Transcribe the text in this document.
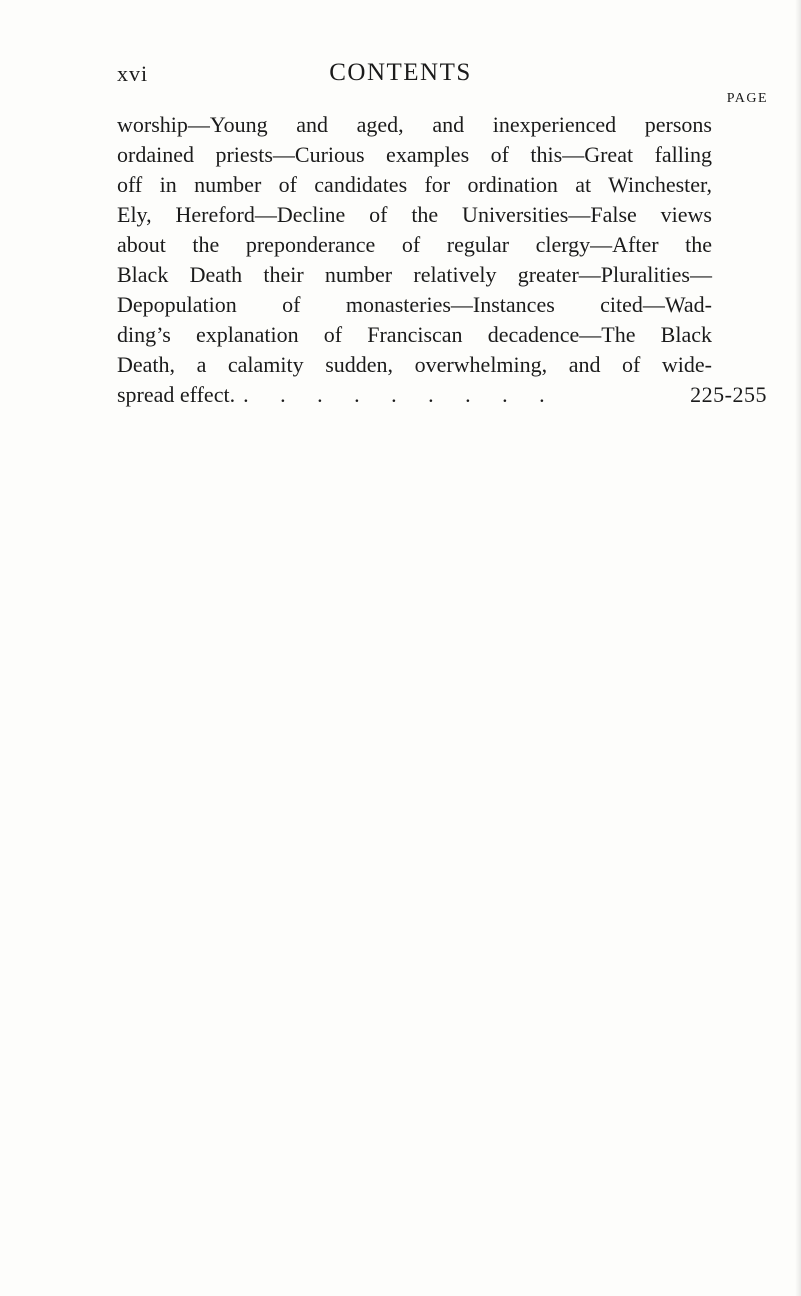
xvi	CONTENTS
PAGE
worship—Young and aged, and inexperienced persons
ordained priests—Curious examples of this—Great falling
off in number of candidates for ordination at Winchester,
Ely, Hereford—Decline of the Universities—False views
about the preponderance of regular clergy—After the
Black Death their number relatively greater—Pluralities—
Depopulation of monasteries—Instances cited—Wad-
ding’s explanation of Franciscan decadence—The Black
Death, a calamity sudden, overwhelming, and of wide-
spread effect. . . . . . . . . .	225-255
